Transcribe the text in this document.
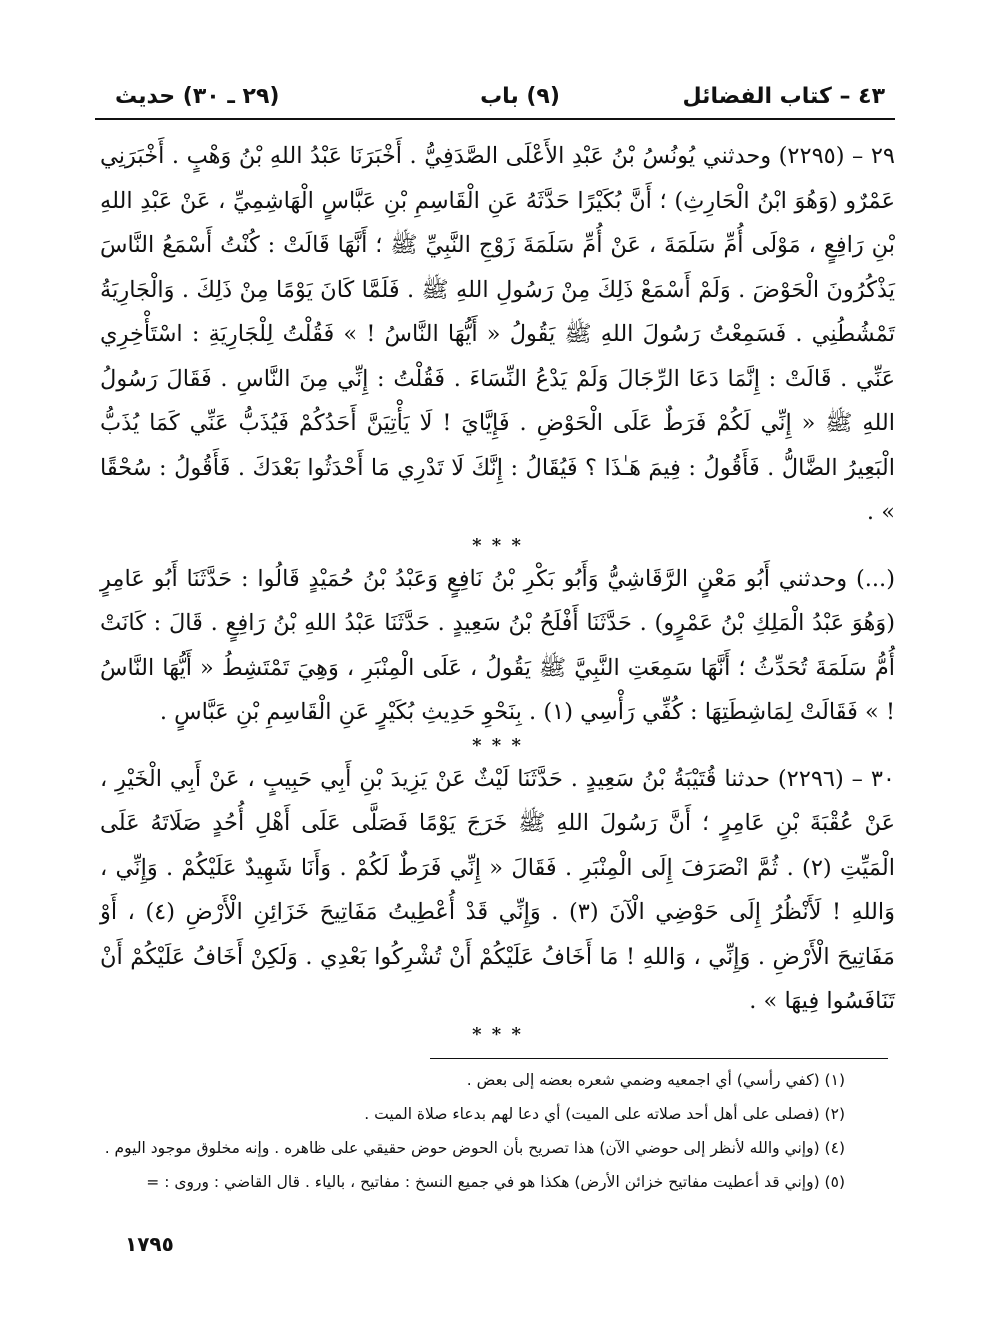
٤٣ – كتاب الفضائل
(٩) باب
(٢٩ ـ ٣٠) حديث

٢٩ – (٢٢٩٥) وحدثني يُونُسُ بْنُ عَبْدِ الأَعْلَى الصَّدَفِيُّ . أَخْبَرَنَا عَبْدُ اللهِ بْنُ وَهْبٍ . أَخْبَرَنِي عَمْرٌو (وَهُوَ ابْنُ الْحَارِثِ) ؛ أَنَّ بُكَيْرًا حَدَّثَهُ عَنِ الْقَاسِمِ بْنِ عَبَّاسٍ الْهَاشِمِيِّ ، عَنْ عَبْدِ اللهِ بْنِ رَافِعٍ ، مَوْلَى أُمِّ سَلَمَةَ ، عَنْ أُمِّ سَلَمَةَ زَوْجِ النَّبِيِّ ﷺ ؛ أَنَّهَا قَالَتْ : كُنْتُ أَسْمَعُ النَّاسَ يَذْكُرُونَ الْحَوْضَ . وَلَمْ أَسْمَعْ ذَلِكَ مِنْ رَسُولِ اللهِ ﷺ . فَلَمَّا كَانَ يَوْمًا مِنْ ذَلِكَ . وَالْجَارِيَةُ تَمْشُطُنِي . فَسَمِعْتُ رَسُولَ اللهِ ﷺ يَقُولُ « أَيُّهَا النَّاسُ ! » فَقُلْتُ لِلْجَارِيَةِ : اسْتَأْخِرِي عَنِّي . قَالَتْ : إِنَّمَا دَعَا الرِّجَالَ وَلَمْ يَدْعُ النِّسَاءَ . فَقُلْتُ : إِنِّي مِنَ النَّاسِ . فَقَالَ رَسُولُ اللهِ ﷺ « إِنِّي لَكُمْ فَرَطٌ عَلَى الْحَوْضِ . فَإِيَّايَ ! لَا يَأْتِيَنَّ أَحَدُكُمْ فَيُذَبُّ عَنِّي كَمَا يُذَبُّ الْبَعِيرُ الضَّالُّ . فَأَقُولُ : فِيمَ هَـٰذَا ؟ فَيُقَالُ : إِنَّكَ لَا تَدْرِي مَا أَحْدَثُوا بَعْدَكَ . فَأَقُولُ : سُحْقًا » .

* * *

(...) وحدثني أَبُو مَعْنٍ الرَّقَاشِيُّ وَأَبُو بَكْرِ بْنُ نَافِعٍ وَعَبْدُ بْنُ حُمَيْدٍ قَالُوا : حَدَّثَنَا أَبُو عَامِرٍ (وَهُوَ عَبْدُ الْمَلِكِ بْنُ عَمْرٍو) . حَدَّثَنَا أَفْلَحُ بْنُ سَعِيدٍ . حَدَّثَنَا عَبْدُ اللهِ بْنُ رَافِعٍ . قَالَ : كَانَتْ أُمُّ سَلَمَةَ تُحَدِّثُ ؛ أَنَّهَا سَمِعَتِ النَّبِيَّ ﷺ يَقُولُ ، عَلَى الْمِنْبَرِ ، وَهِيَ تَمْتَشِطُ « أَيُّهَا النَّاسُ ! » فَقَالَتْ لِمَاشِطَتِهَا : كُفِّي رَأْسِي (١) . بِنَحْوِ حَدِيثِ بُكَيْرٍ عَنِ الْقَاسِمِ بْنِ عَبَّاسٍ .

* * *

٣٠ – (٢٢٩٦) حدثنا قُتَيْبَةُ بْنُ سَعِيدٍ . حَدَّثَنَا لَيْثٌ عَنْ يَزِيدَ بْنِ أَبِي حَبِيبٍ ، عَنْ أَبِي الْخَيْرِ ، عَنْ عُقْبَةَ بْنِ عَامِرٍ ؛ أَنَّ رَسُولَ اللهِ ﷺ خَرَجَ يَوْمًا فَصَلَّى عَلَى أَهْلِ أُحُدٍ صَلَاتَهُ عَلَى الْمَيِّتِ (٢) . ثُمَّ انْصَرَفَ إِلَى الْمِنْبَرِ . فَقَالَ « إِنِّي فَرَطٌ لَكُمْ . وَأَنَا شَهِيدٌ عَلَيْكُمْ . وَإِنِّي ، وَاللهِ ! لَأَنْظُرُ إِلَى حَوْضِي الْآنَ (٣) . وَإِنِّي قَدْ أُعْطِيتُ مَفَاتِيحَ خَزَائِنِ الْأَرْضِ (٤) ، أَوْ مَفَاتِيحَ الْأَرْضِ . وَإِنِّي ، وَاللهِ ! مَا أَخَافُ عَلَيْكُمْ أَنْ تُشْرِكُوا بَعْدِي . وَلَكِنْ أَخَافُ عَلَيْكُمْ أَنْ تَنَافَسُوا فِيهَا » .

* * *
(١) (كفي رأسي) أي اجمعيه وضمي شعره بعضه إلى بعض .
(٢) (فصلى على أهل أحد صلاته على الميت) أي دعا لهم بدعاء صلاة الميت .
(٤) (وإني والله لأنظر إلى حوضي الآن) هذا تصريح بأن الحوض حوض حقيقي على ظاهره . وإنه مخلوق موجود اليوم .
(٥) (وإني قد أعطيت مفاتيح خزائن الأرض) هكذا هو في جميع النسخ : مفاتيح ، بالياء . قال القاضي : وروى : =
١٧٩٥
